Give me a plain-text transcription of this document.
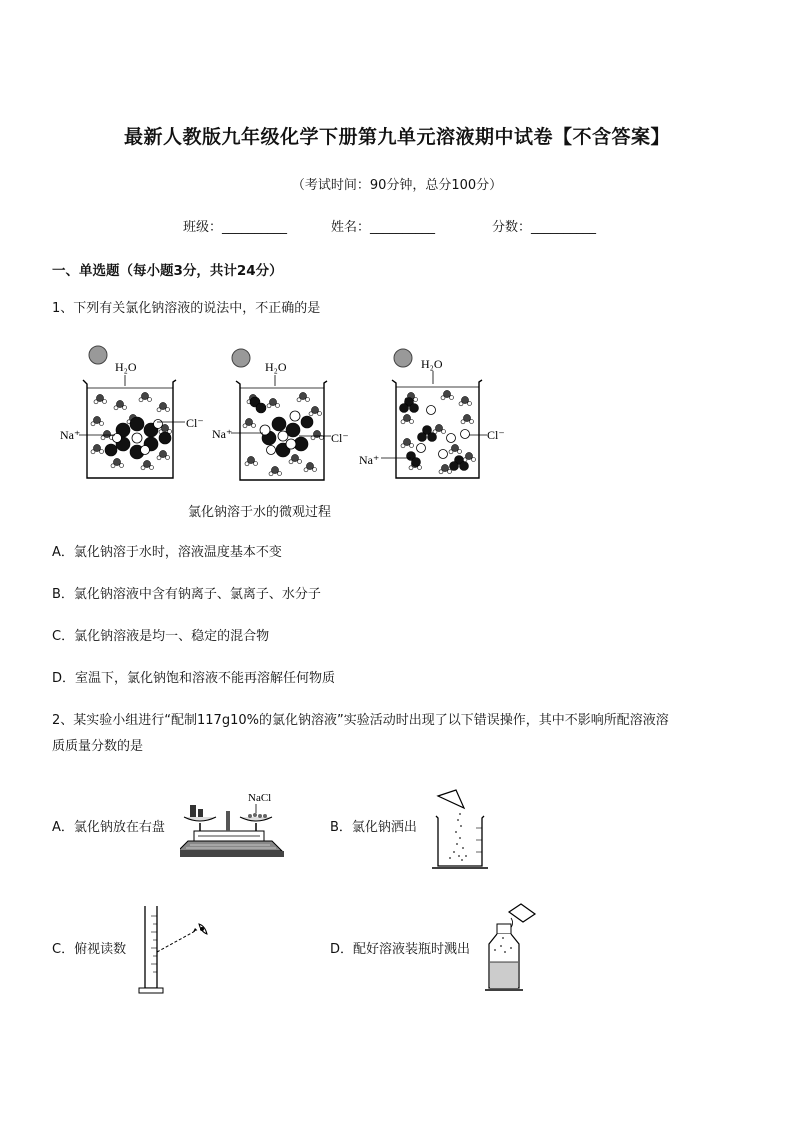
最新人教版九年级化学下册第九单元溶液期中试卷【不含答案】
（考试时间：90分钟，总分100分）
班级：__________	姓名：__________	分数：__________
一、单选题（每小题3分，共计24分）
1、下列有关氯化钠溶液的说法中，不正确的是
H₂O
Na⁺
Cl⁻
H₂O
Na⁺	Cl⁻
H₂O
Na⁺
Cl⁻
氯化钠溶于水的微观过程
A．氯化钠溶于水时，溶液温度基本不变
B．氯化钠溶液中含有钠离子、氯离子、水分子
C．氯化钠溶液是均一、稳定的混合物
D．室温下，氯化钠饱和溶液不能再溶解任何物质
2、某实验小组进行“配制117g10%的氯化钠溶液”实验活动时出现了以下错误操作，其中不影响所配溶液溶
质质量分数的是
A．氯化钠放在右盘	B．氯化钠洒出
C．俯视读数	D．配好溶液装瓶时溅出
NaCl
